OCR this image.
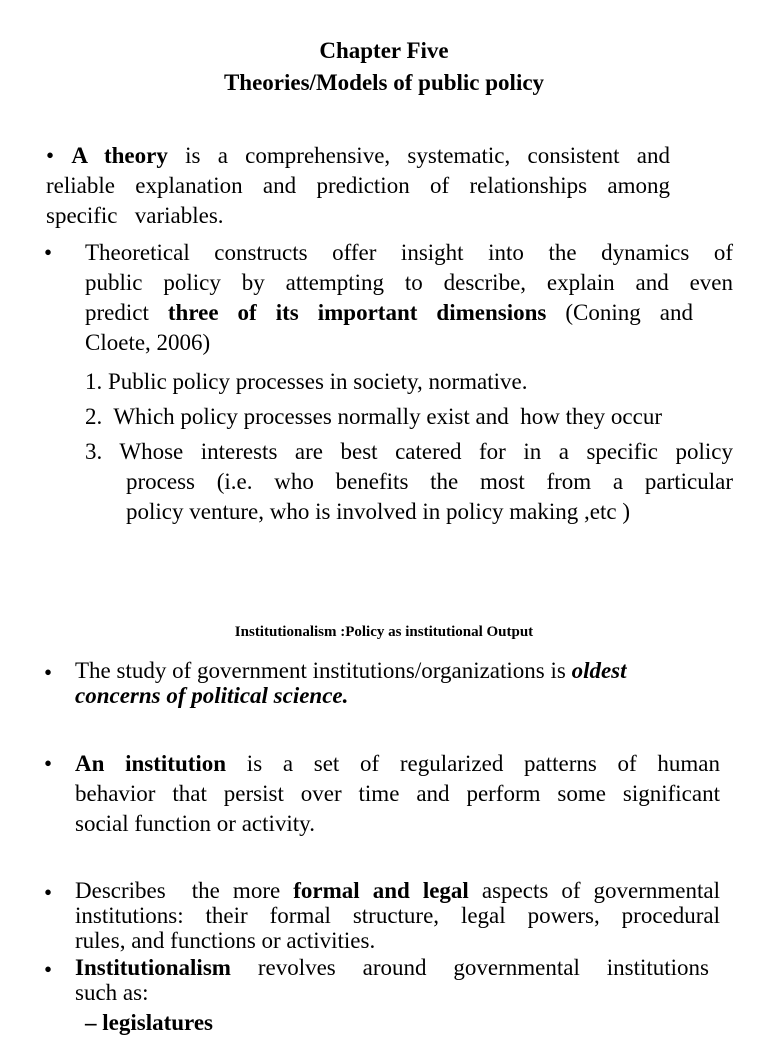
Chapter Five
Theories/Models of public policy
• A theory is a comprehensive, systematic, consistent and
reliable explanation and prediction of relationships among
specific   variables.
• Theoretical constructs offer insight into the dynamics of
public policy by attempting to describe, explain and even
predict three of its important dimensions (Coning and
Cloete, 2006)
1. Public policy processes in society, normative.
2. Which policy processes normally exist and  how they occur
3. Whose interests are best catered for in a specific policy
process (i.e. who benefits the most from a particular
policy venture, who is involved in policy making ,etc )
Institutionalism :Policy as institutional Output
• The study of government institutions/organizations is oldest
concerns of political science.
• An institution is a set of regularized patterns of human
behavior that persist over time and perform some significant
social function or activity.
• Describes  the more formal and legal aspects of governmental
institutions: their formal structure, legal powers, procedural
rules, and functions or activities.
• Institutionalism revolves around governmental institutions
such as:
– legislatures
